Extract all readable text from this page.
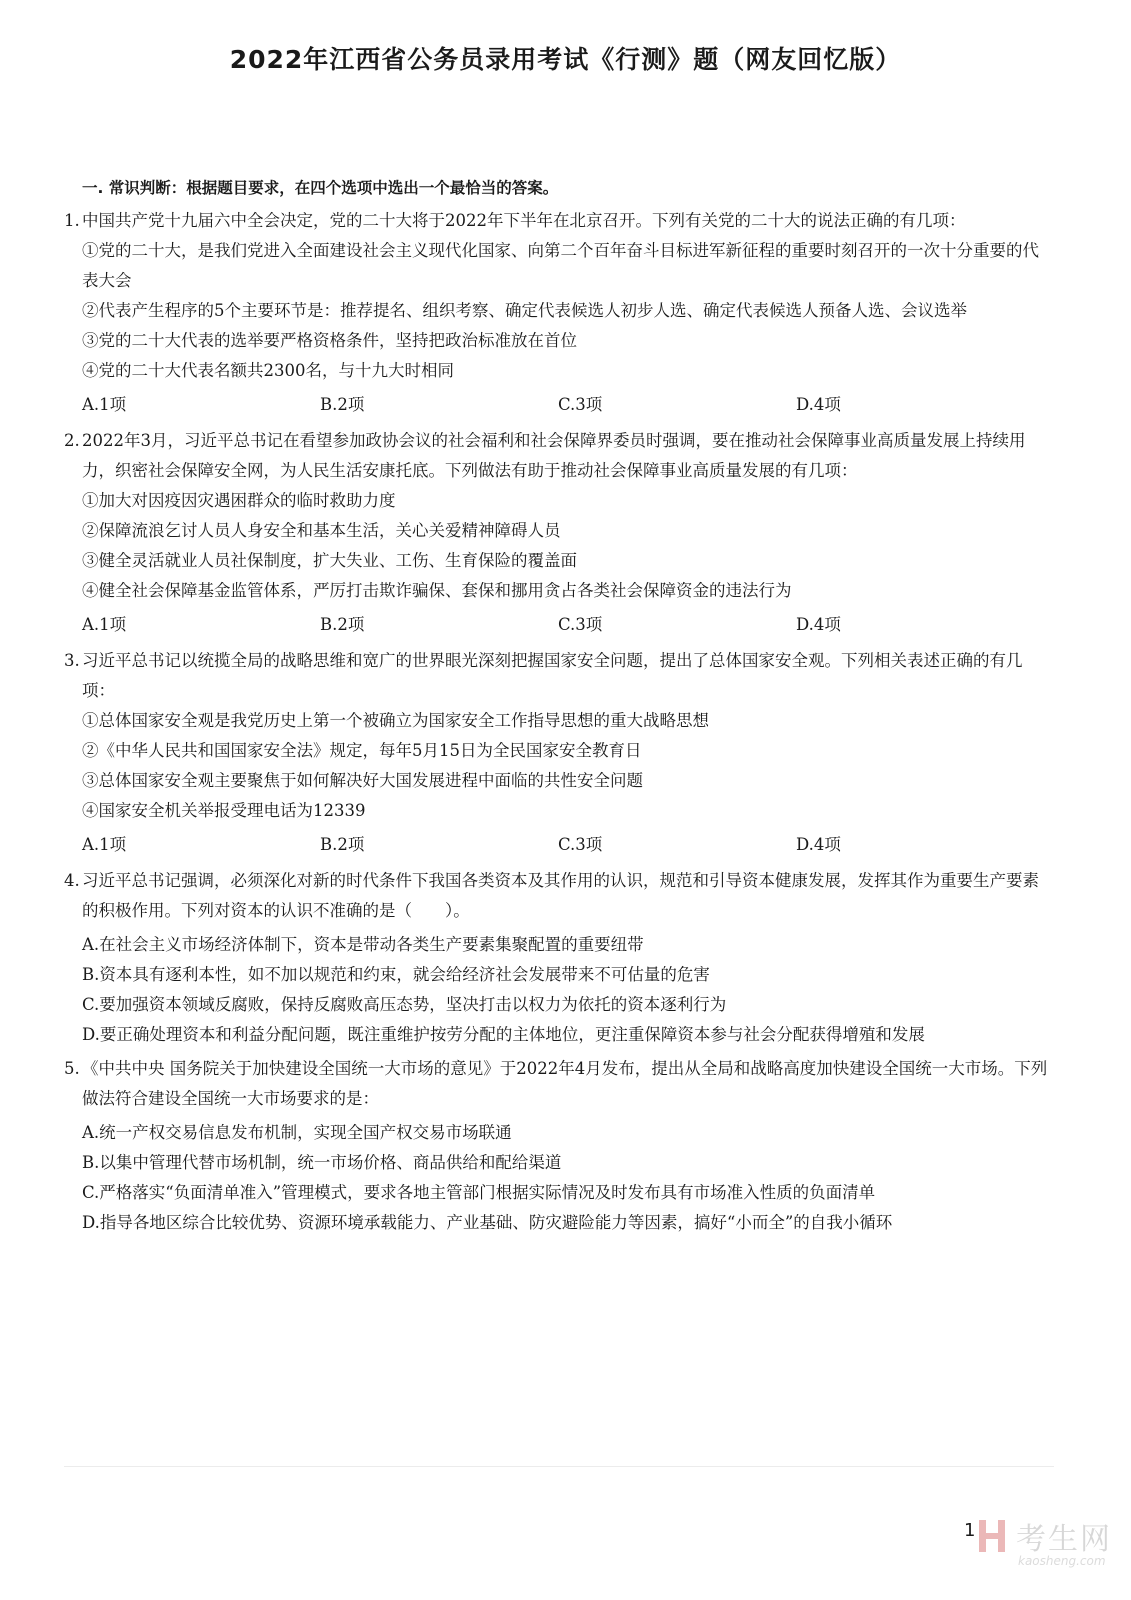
2022年江西省公务员录用考试《行测》题（网友回忆版）
一. 常识判断：根据题目要求，在四个选项中选出一个最恰当的答案。
1. 中国共产党十九届六中全会决定，党的二十大将于2022年下半年在北京召开。下列有关党的二十大的说法正确的有几项：
①党的二十大，是我们党进入全面建设社会主义现代化国家、向第二个百年奋斗目标进军新征程的重要时刻召开的一次十分重要的代表大会
②代表产生程序的5个主要环节是：推荐提名、组织考察、确定代表候选人初步人选、确定代表候选人预备人选、会议选举
③党的二十大代表的选举要严格资格条件，坚持把政治标准放在首位
④党的二十大代表名额共2300名，与十九大时相同
A.1项	B.2项	C.3项	D.4项
2. 2022年3月，习近平总书记在看望参加政协会议的社会福利和社会保障界委员时强调，要在推动社会保障事业高质量发展上持续用力，织密社会保障安全网，为人民生活安康托底。下列做法有助于推动社会保障事业高质量发展的有几项：
①加大对因疫因灾遇困群众的临时救助力度
②保障流浪乞讨人员人身安全和基本生活，关心关爱精神障碍人员
③健全灵活就业人员社保制度，扩大失业、工伤、生育保险的覆盖面
④健全社会保障基金监管体系，严厉打击欺诈骗保、套保和挪用贪占各类社会保障资金的违法行为
A.1项	B.2项	C.3项	D.4项
3. 习近平总书记以统揽全局的战略思维和宽广的世界眼光深刻把握国家安全问题，提出了总体国家安全观。下列相关表述正确的有几项：
①总体国家安全观是我党历史上第一个被确立为国家安全工作指导思想的重大战略思想
②《中华人民共和国国家安全法》规定，每年5月15日为全民国家安全教育日
③总体国家安全观主要聚焦于如何解决好大国发展进程中面临的共性安全问题
④国家安全机关举报受理电话为12339
A.1项	B.2项	C.3项	D.4项
4. 习近平总书记强调，必须深化对新的时代条件下我国各类资本及其作用的认识，规范和引导资本健康发展，发挥其作为重要生产要素的积极作用。下列对资本的认识不准确的是（　　）。
A.在社会主义市场经济体制下，资本是带动各类生产要素集聚配置的重要纽带
B.资本具有逐利本性，如不加以规范和约束，就会给经济社会发展带来不可估量的危害
C.要加强资本领域反腐败，保持反腐败高压态势，坚决打击以权力为依托的资本逐利行为
D.要正确处理资本和利益分配问题，既注重维护按劳分配的主体地位，更注重保障资本参与社会分配获得增殖和发展
5. 《中共中央 国务院关于加快建设全国统一大市场的意见》于2022年4月发布，提出从全局和战略高度加快建设全国统一大市场。下列做法符合建设全国统一大市场要求的是：
A.统一产权交易信息发布机制，实现全国产权交易市场联通
B.以集中管理代替市场机制，统一市场价格、商品供给和配给渠道
C.严格落实“负面清单准入”管理模式，要求各地主管部门根据实际情况及时发布具有市场准入性质的负面清单
D.指导各地区综合比较优势、资源环境承载能力、产业基础、防灾避险能力等因素，搞好“小而全”的自我小循环
1 考生网
kaosheng.com
